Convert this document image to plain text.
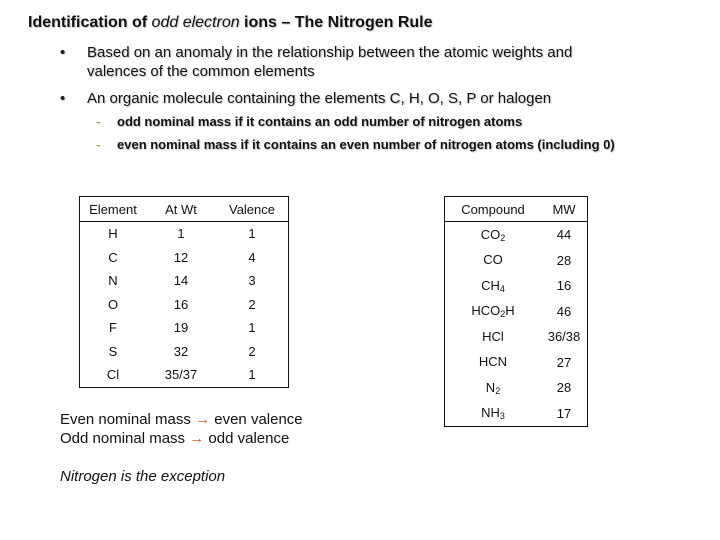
Identification of odd electron ions – The Nitrogen Rule
• Based on an anomaly in the relationship between the atomic weights and
valences of the common elements
• An organic molecule containing the elements C, H, O, S, P or halogen
- odd nominal mass if it contains an odd number of nitrogen atoms
- even nominal mass if it contains an even number of nitrogen atoms (including 0)
Element	At Wt	Valence
H	1	1
C	12	4
N	14	3
O	16	2
F	19	1
S	32	2
Cl	35/37	1
Compound	MW
$CO_2$	44
CO	28
$CH_4$	16
$HCO_2H$	46
HCl	36/38
HCN	27
$N_2$	28
$NH_3$	17
Even nominal mass → even valence
Odd nominal mass → odd valence
Nitrogen is the exception
